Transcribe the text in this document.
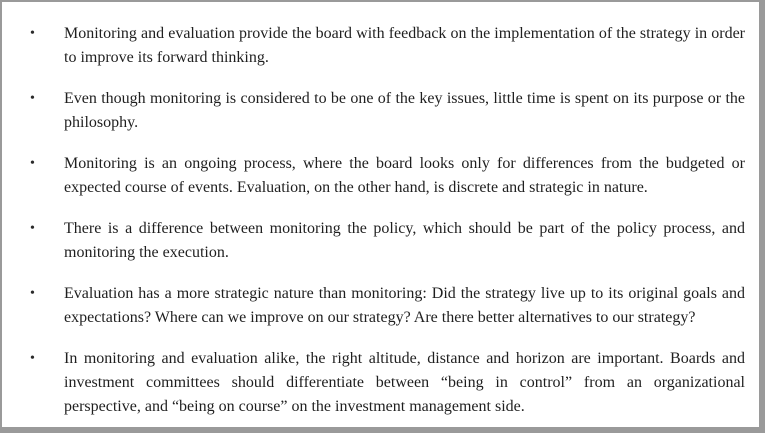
• Monitoring and evaluation provide the board with feedback on the implementation of the strategy in order to improve its forward thinking.

• Even though monitoring is considered to be one of the key issues, little time is spent on its purpose or the philosophy.

• Monitoring is an ongoing process, where the board looks only for differences from the budgeted or expected course of events. Evaluation, on the other hand, is discrete and strategic in nature.

• There is a difference between monitoring the policy, which should be part of the policy process, and monitoring the execution.

• Evaluation has a more strategic nature than monitoring: Did the strategy live up to its original goals and expectations? Where can we improve on our strategy? Are there better alternatives to our strategy?

• In monitoring and evaluation alike, the right altitude, distance and horizon are important. Boards and investment committees should differentiate between “being in control” from an organizational perspective, and “being on course” on the investment management side.
